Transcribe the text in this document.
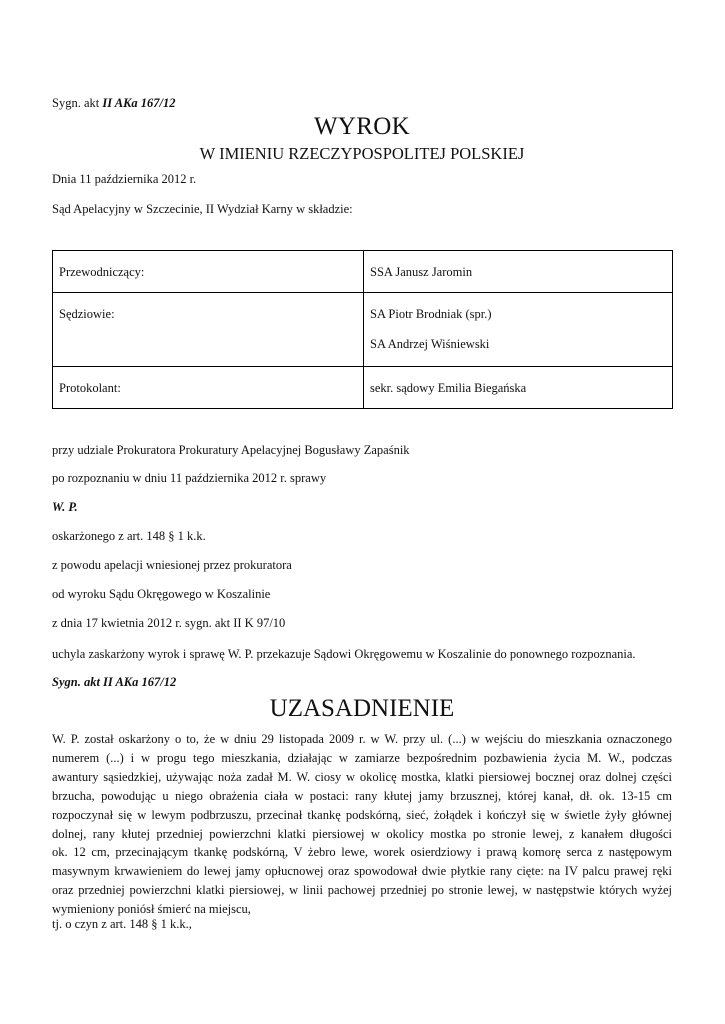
Sygn. akt II AKa 167/12
WYROK
W IMIENIU RZECZYPOSPOLITEJ POLSKIEJ
Dnia 11 października 2012 r.
Sąd Apelacyjny w Szczecinie, II Wydział Karny w składzie:
Przewodniczący:	SSA Janusz Jaromin
Sędziowie:	SA Piotr Brodniak (spr.)
SA Andrzej Wiśniewski

Protokolant:	sekr. sądowy Emilia Biegańska
przy udziale Prokuratora Prokuratury Apelacyjnej Bogusławy Zapaśnik
po rozpoznaniu w dniu 11 października 2012 r. sprawy
W. P.
oskarżonego z art. 148 § 1 k.k.
z powodu apelacji wniesionej przez prokuratora
od wyroku Sądu Okręgowego w Koszalinie
z dnia 17 kwietnia 2012 r. sygn. akt II K 97/10
uchyla zaskarżony wyrok i sprawę W. P. przekazuje Sądowi Okręgowemu w Koszalinie do ponownego rozpoznania.
Sygn. akt II AKa 167/12
UZASADNIENIE
W. P. został oskarżony o to, że w dniu 29 listopada 2009 r. w W. przy ul. (...) w wejściu do mieszkania oznaczonego
numerem (...) i w progu tego mieszkania, działając w zamiarze bezpośrednim pozbawienia życia M. W., podczas
awantury sąsiedzkiej, używając noża zadał M. W. ciosy w okolicę mostka, klatki piersiowej bocznej oraz dolnej części
brzucha, powodując u niego obrażenia ciała w postaci: rany kłutej jamy brzusznej, której kanał, dł. ok. 13-15 cm
rozpoczynał się w lewym podbrzuszu, przecinał tkankę podskórną, sieć, żołądek i kończył się w świetle żyły głównej
dolnej, rany kłutej przedniej powierzchni klatki piersiowej w okolicy mostka po stronie lewej, z kanałem długości
ok. 12 cm, przecinającym tkankę podskórną, V żebro lewe, worek osierdziowy i prawą komorę serca z następowym
masywnym krwawieniem do lewej jamy opłucnowej oraz spowodował dwie płytkie rany cięte: na IV palcu prawej ręki
oraz przedniej powierzchni klatki piersiowej, w linii pachowej przedniej po stronie lewej, w następstwie których wyżej
wymieniony poniósł śmierć na miejscu,
tj. o czyn z art. 148 § 1 k.k.,
